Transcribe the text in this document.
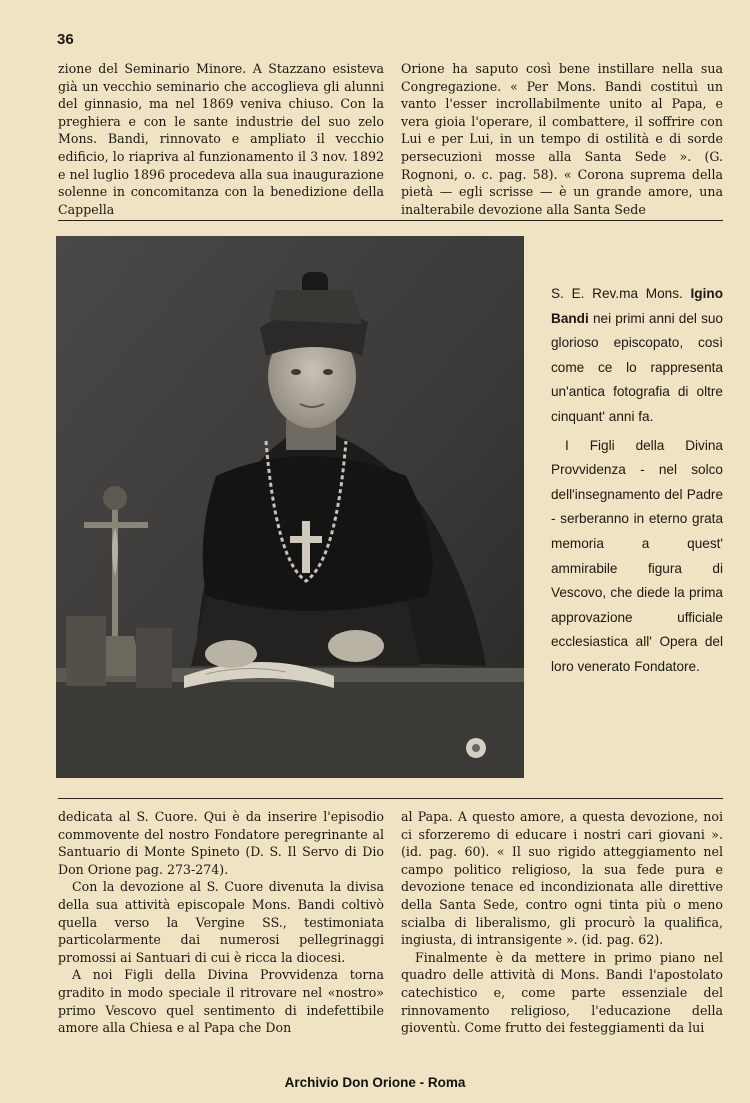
36

zione del Seminario Minore. A Stazzano esisteva già un vecchio seminario che accoglieva gli alunni del ginnasio, ma nel 1869 veniva chiuso. Con la preghiera e con le sante industrie del suo zelo Mons. Bandi, rinnovato e ampliato il vecchio edificio, lo riapriva al funzionamento il 3 nov. 1892 e nel luglio 1896 procedeva alla sua inaugurazione solenne in concomitanza con la benedizione della Cappella

Orione ha saputo così bene instillare nella sua Congregazione. « Per Mons. Bandi costituì un vanto l'esser incrollabilmente unito al Papa, e vera gioia l'operare, il combattere, il soffrire con Lui e per Lui, in un tempo di ostilità e di sorde persecuzioni mosse alla Santa Sede ». (G. Rognoni, o. c. pag. 58). « Corona suprema della pietà — egli scrisse — è un grande amore, una inalterabile devozione alla Santa Sede

S. E. Rev.ma Mons. Igino Bandi nei primi anni del suo glorioso episcopato, così come ce lo rappresenta un'antica fotografia di oltre cinquant' anni fa.

I Figli della Divina Provvidenza - nel solco dell'insegnamento del Padre - serberanno in eterno grata memoria a quest' ammirabile figura di Vescovo, che diede la prima approvazione ufficiale ecclesiastica all' Opera del loro venerato Fondatore.

dedicata al S. Cuore. Qui è da inserire l'episodio commovente del nostro Fondatore peregrinante al Santuario di Monte Spineto (D. S. Il Servo di Dio Don Orione pag. 273-274).

Con la devozione al S. Cuore divenuta la divisa della sua attività episcopale Mons. Bandi coltivò quella verso la Vergine SS., testimoniata particolarmente dai numerosi pellegrinaggi promossi ai Santuari di cui è ricca la diocesi.

A noi Figli della Divina Provvidenza torna gradito in modo speciale il ritrovare nel «nostro» primo Vescovo quel sentimento di indefettibile amore alla Chiesa e al Papa che Don

al Papa. A questo amore, a questa devozione, noi ci sforzeremo di educare i nostri cari giovani ». (id. pag. 60). « Il suo rigido atteggiamento nel campo politico religioso, la sua fede pura e devozione tenace ed incondizionata alle direttive della Santa Sede, contro ogni tinta più o meno scialba di liberalismo, gli procurò la qualifica, ingiusta, di intransigente ». (id. pag. 62).

Finalmente è da mettere in primo piano nel quadro delle attività di Mons. Bandi l'apostolato catechistico e, come parte essenziale del rinnovamento religioso, l'educazione della gioventù. Come frutto dei festeggiamenti da lui

Archivio Don Orione - Roma
